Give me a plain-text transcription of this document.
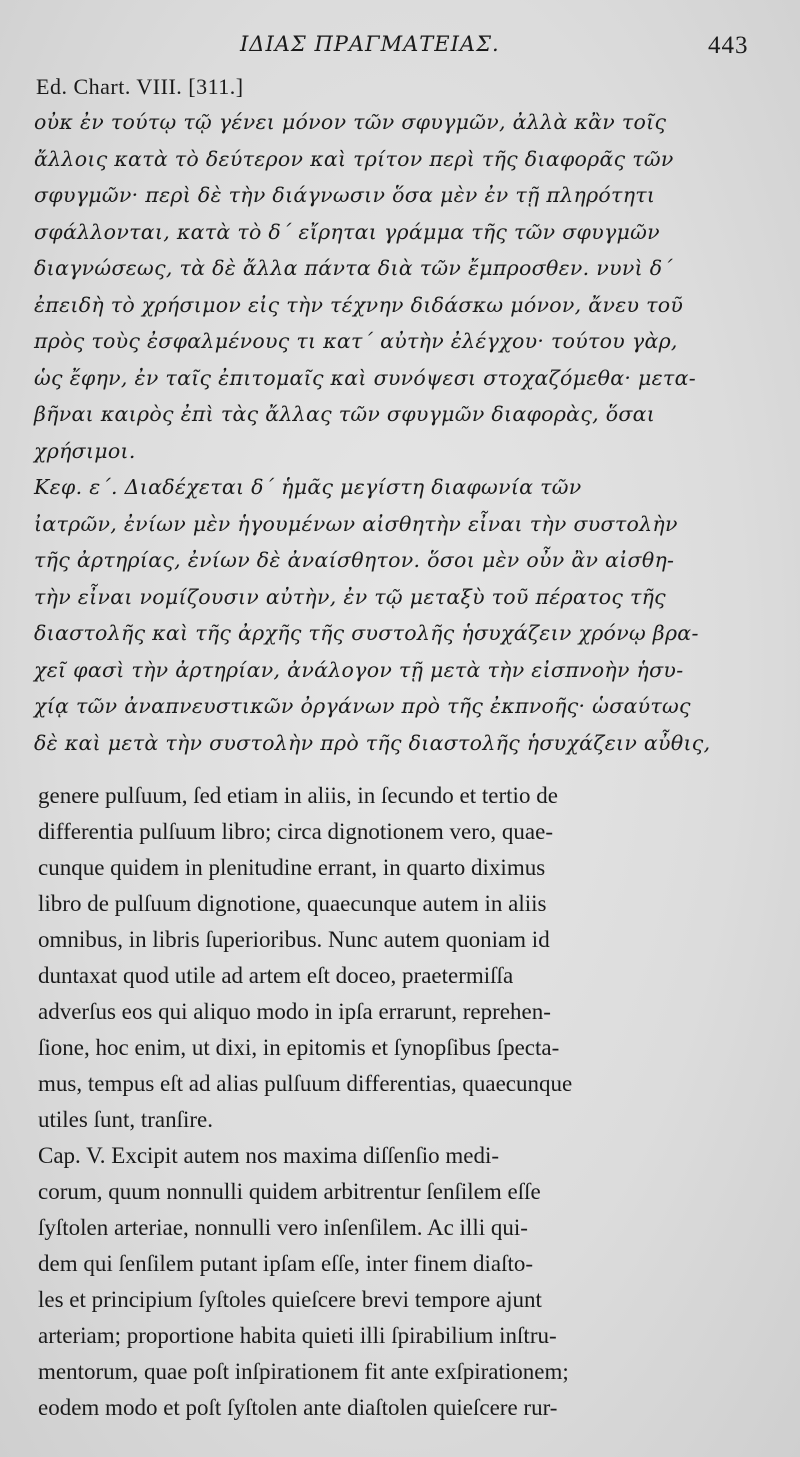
ΙΔΙΑΣ ΠΡΑΓΜΑΤΕΙΑΣ.	443
Ed. Chart. VIII. [311.]
οὐκ ἐν τούτῳ τῷ γένει μόνον τῶν σφυγμῶν, ἀλλὰ κἂν τοῖς
ἄλλοις κατὰ τὸ δεύτερον καὶ τρίτον περὶ τῆς διαφορᾶς τῶν
σφυγμῶν· περὶ δὲ τὴν διάγνωσιν ὅσα μὲν ἐν τῇ πληρότητι
σφάλλονται, κατὰ τὸ δ΄ εἴρηται γράμμα τῆς τῶν σφυγμῶν
διαγνώσεως, τὰ δὲ ἄλλα πάντα διὰ τῶν ἔμπροσθεν. νυνὶ δ΄
ἐπειδὴ τὸ χρήσιμον εἰς τὴν τέχνην διδάσκω μόνον, ἄνευ τοῦ
πρὸς τοὺς ἐσφαλμένους τι κατ΄ αὐτὴν ἐλέγχου· τούτου γὰρ,
ὡς ἔφην, ἐν ταῖς ἐπιτομαῖς καὶ συνόψεσι στοχαζόμεθα· μετα-
βῆναι καιρὸς ἐπὶ τὰς ἄλλας τῶν σφυγμῶν διαφορὰς, ὅσαι
χρήσιμοι.
Κεφ. ε΄. Διαδέχεται δ΄ ἡμᾶς μεγίστη διαφωνία τῶν
ἰατρῶν, ἐνίων μὲν ἡγουμένων αἰσθητὴν εἶναι τὴν συστολὴν
τῆς ἀρτηρίας, ἐνίων δὲ ἀναίσθητον. ὅσοι μὲν οὖν ἂν αἰσθη-
τὴν εἶναι νομίζουσιν αὐτὴν, ἐν τῷ μεταξὺ τοῦ πέρατος τῆς
διαστολῆς καὶ τῆς ἀρχῆς τῆς συστολῆς ἡσυχάζειν χρόνῳ βρα-
χεῖ φασὶ τὴν ἀρτηρίαν, ἀνάλογον τῇ μετὰ τὴν εἰσπνοὴν ἡσυ-
χίᾳ τῶν ἀναπνευστικῶν ὀργάνων πρὸ τῆς ἐκπνοῆς· ὡσαύτως
δὲ καὶ μετὰ τὴν συστολὴν πρὸ τῆς διαστολῆς ἡσυχάζειν αὖθις,
genere pulſuum, ſed etiam in aliis, in ſecundo et tertio de
differentia pulſuum libro; circa dignotionem vero, quae-
cunque quidem in plenitudine errant, in quarto diximus
libro de pulſuum dignotione, quaecunque autem in aliis
omnibus, in libris ſuperioribus. Nunc autem quoniam id
duntaxat quod utile ad artem eſt doceo, praetermiſſa
adverſus eos qui aliquo modo in ipſa errarunt, reprehen-
ſione, hoc enim, ut dixi, in epitomis et ſynopſibus ſpecta-
mus, tempus eſt ad alias pulſuum differentias, quaecunque
utiles ſunt, tranſire.
Cap. V. Excipit autem nos maxima diſſenſio medi-
corum, quum nonnulli quidem arbitrentur ſenſilem eſſe
ſyſtolen arteriae, nonnulli vero inſenſilem. Ac illi qui-
dem qui ſenſilem putant ipſam eſſe, inter finem diaſto-
les et principium ſyſtoles quieſcere brevi tempore ajunt
arteriam; proportione habita quieti illi ſpirabilium inſtru-
mentorum, quae poſt inſpirationem fit ante exſpirationem;
eodem modo et poſt ſyſtolen ante diaſtolen quieſcere rur-
